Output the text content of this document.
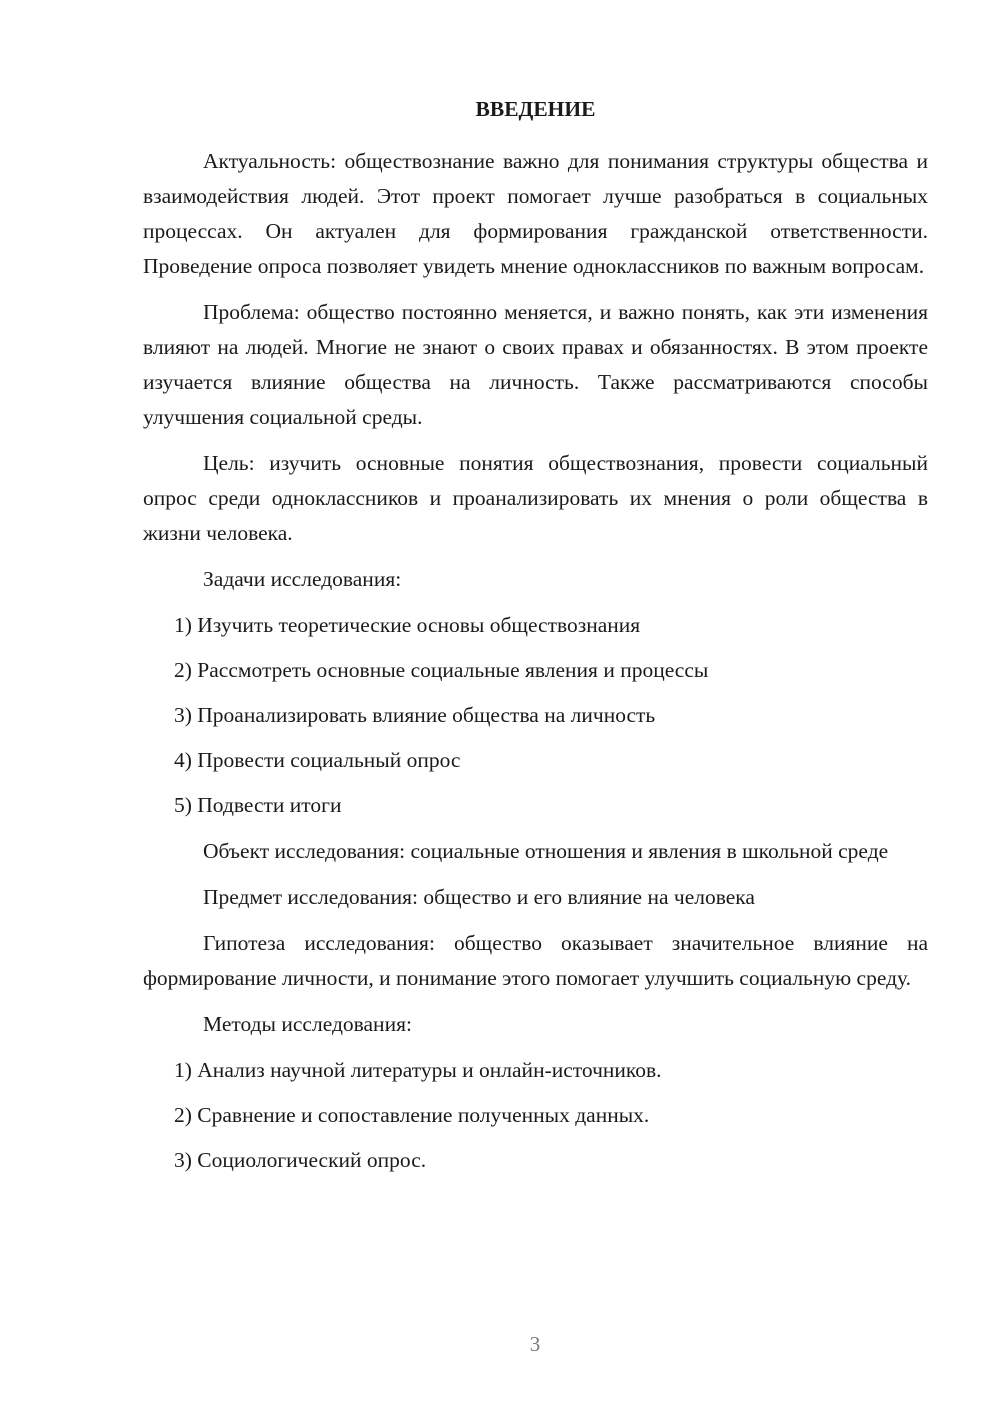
ВВЕДЕНИЕ

Актуальность: обществознание важно для понимания структуры общества и взаимодействия людей. Этот проект помогает лучше разобраться в социальных процессах. Он актуален для формирования гражданской ответственности. Проведение опроса позволяет увидеть мнение одноклассников по важным вопросам.

Проблема: общество постоянно меняется, и важно понять, как эти изменения влияют на людей. Многие не знают о своих правах и обязанностях. В этом проекте изучается влияние общества на личность. Также рассматриваются способы улучшения социальной среды.

Цель: изучить основные понятия обществознания, провести социальный опрос среди одноклассников и проанализировать их мнения о роли общества в жизни человека.

Задачи исследования:

1) Изучить теоретические основы обществознания
2) Рассмотреть основные социальные явления и процессы
3) Проанализировать влияние общества на личность
4) Провести социальный опрос
5) Подвести итоги

Объект исследования: социальные отношения и явления в школьной среде

Предмет исследования: общество и его влияние на человека

Гипотеза исследования: общество оказывает значительное влияние на формирование личности, и понимание этого помогает улучшить социальную среду.

Методы исследования:

1) Анализ научной литературы и онлайн-источников.
2) Сравнение и сопоставление полученных данных.
3) Социологический опрос.
3
